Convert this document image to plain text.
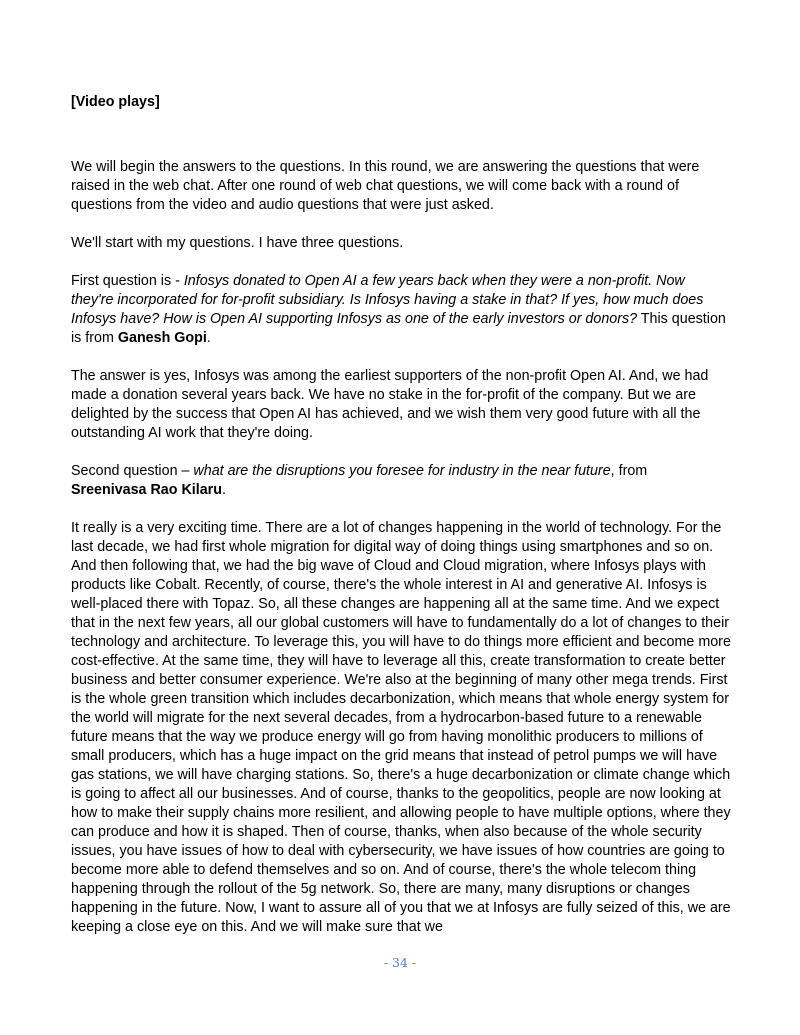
[Video plays]

We will begin the answers to the questions. In this round, we are answering the questions that were raised in the web chat. After one round of web chat questions, we will come back with a round of questions from the video and audio questions that were just asked.

We'll start with my questions. I have three questions.

First question is - Infosys donated to Open AI a few years back when they were a non-profit. Now they're incorporated for for-profit subsidiary. Is Infosys having a stake in that? If yes, how much does Infosys have? How is Open AI supporting Infosys as one of the early investors or donors? This question is from Ganesh Gopi.

The answer is yes, Infosys was among the earliest supporters of the non-profit Open AI. And, we had made a donation several years back. We have no stake in the for-profit of the company. But we are delighted by the success that Open AI has achieved, and we wish them very good future with all the outstanding AI work that they're doing.

Second question – what are the disruptions you foresee for industry in the near future, from
Sreenivasa Rao Kilaru.

It really is a very exciting time. There are a lot of changes happening in the world of technology. For the last decade, we had first whole migration for digital way of doing things using smartphones and so on. And then following that, we had the big wave of Cloud and Cloud migration, where Infosys plays with products like Cobalt. Recently, of course, there's the whole interest in AI and generative AI. Infosys is well-placed there with Topaz. So, all these changes are happening all at the same time. And we expect that in the next few years, all our global customers will have to fundamentally do a lot of changes to their technology and architecture. To leverage this, you will have to do things more efficient and become more cost-effective. At the same time, they will have to leverage all this, create transformation to create better business and better consumer experience. We're also at the beginning of many other mega trends. First is the whole green transition which includes decarbonization, which means that whole energy system for the world will migrate for the next several decades, from a hydrocarbon-based future to a renewable future means that the way we produce energy will go from having monolithic producers to millions of small producers, which has a huge impact on the grid means that instead of petrol pumps we will have gas stations, we will have charging stations. So, there's a huge decarbonization or climate change which is going to affect all our businesses. And of course, thanks to the geopolitics, people are now looking at how to make their supply chains more resilient, and allowing people to have multiple options, where they can produce and how it is shaped. Then of course, thanks, when also because of the whole security issues, you have issues of how to deal with cybersecurity, we have issues of how countries are going to become more able to defend themselves and so on. And of course, there's the whole telecom thing happening through the rollout of the 5g network. So, there are many, many disruptions or changes happening in the future. Now, I want to assure all of you that we at Infosys are fully seized of this, we are keeping a close eye on this. And we will make sure that we

- 34 -
